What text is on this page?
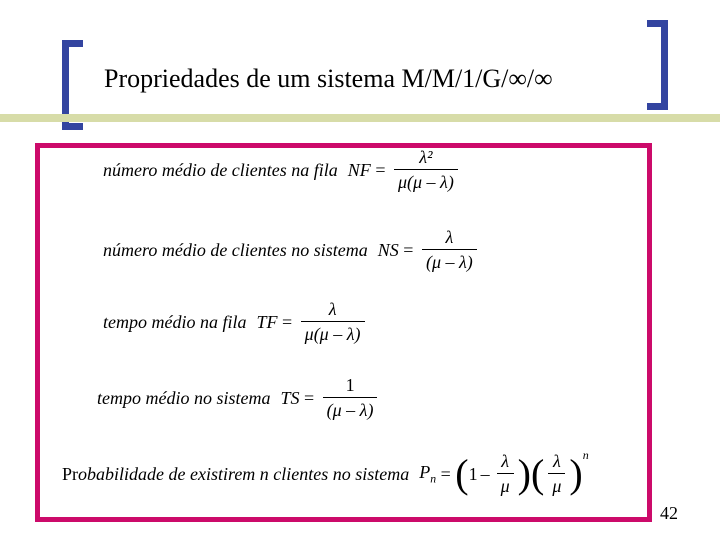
Propriedades de um sistema M/M/1/G/∞/∞
número médio de clientes na fila NF = $\frac{\text{λ²}}{\mu(\mu - \lambda)}$
número médio de clientes no sistema NS = $\frac{\lambda}{(\mu - \lambda)}$
tempo médio na fila TF = $\frac{\lambda}{\mu(\mu - \lambda)}$
tempo médio no sistema TS = $\frac{1}{(\mu - \lambda)}$
Pr obabilidade de existirem n clientes no sistema $P_n$ = ( $1 - \frac{\lambda}{\mu}$ ) ( $\frac{\lambda}{\mu}$ ) n
42
